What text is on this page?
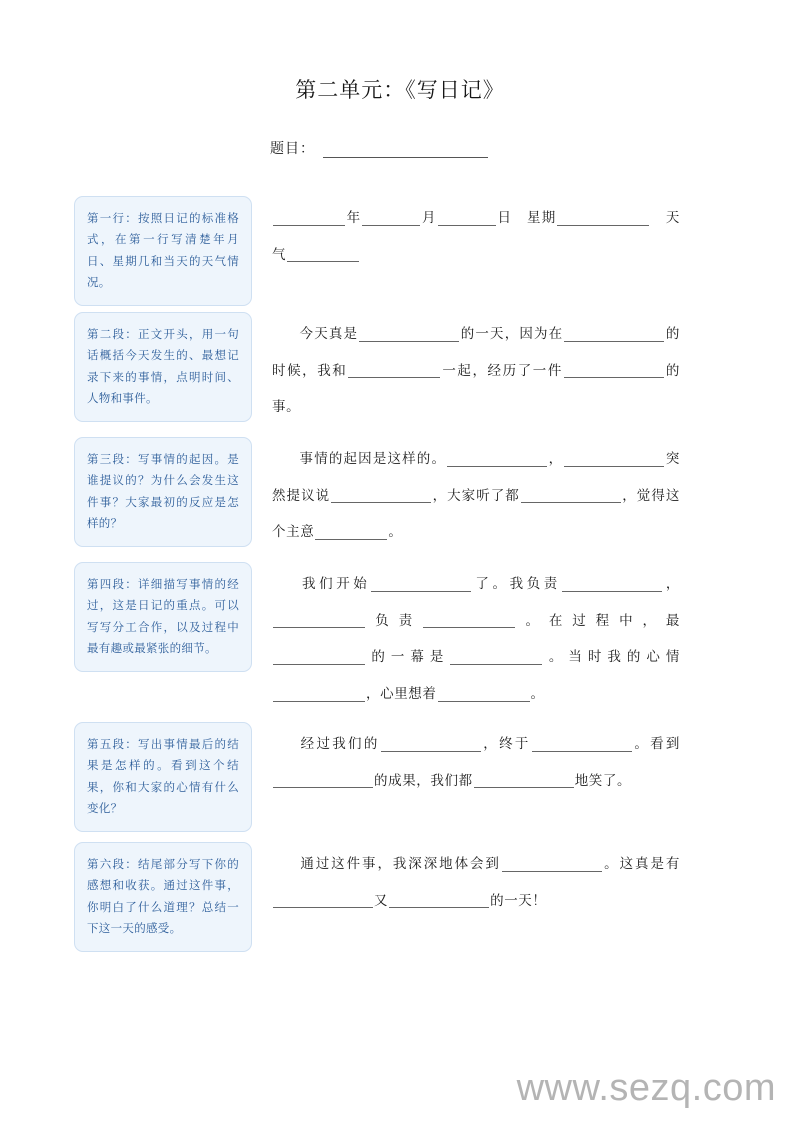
第二单元：《写日记》
题目：
第一行：按照日记的标准格式，在第一行写清楚年月日、星期几和当天的天气情况。
年	月	日　 星期　	天气
第二段：正文开头，用一句话概括今天发生的、最想记录下来的事情，点明时间、人物和事件。
今天真是	的一天，因为在	的时候，我和	一起，经历了一件	的事。
第三段：写事情的起因。是谁提议的？为什么会发生这件事？大家最初的反应是怎样的？
事情的起因是这样的。	，	突然提议说	，大家听了都	，觉得这个主意	。
第四段：详细描写事情的经过，这是日记的重点。可以写写分工合作，以及过程中最有趣或最紧张的细节。
我们开始	了。我负责	，负责	。在过程中，最的一幕是	。当时我的心情，心里想着	。
第五段：写出事情最后的结果是怎样的。看到这个结果，你和大家的心情有什么变化？
经过我们的	，终于	。看到的成果，我们都	地笑了。
第六段：结尾部分写下你的感想和收获。通过这件事，你明白了什么道理？总结一下这一天的感受。
通过这件事，我深深地体会到	。这真是有又	的一天！
www.sezq.com
